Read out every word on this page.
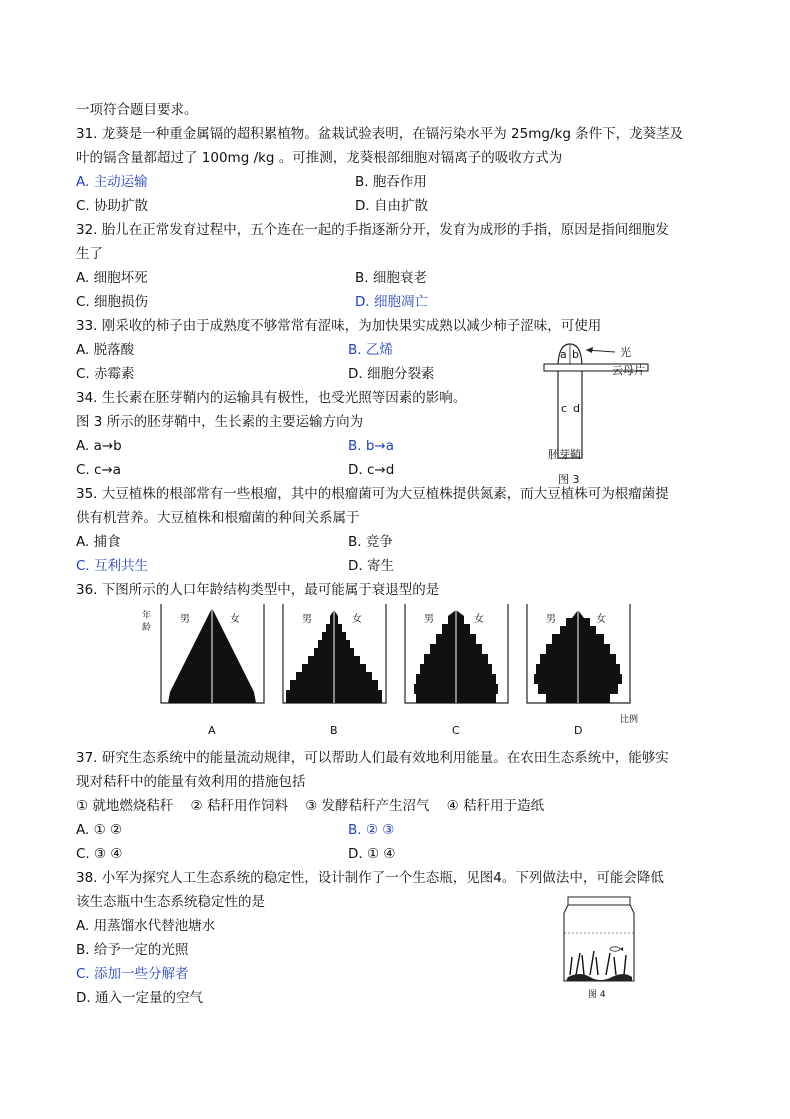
一项符合题目要求。
31. 龙葵是一种重金属镉的超积累植物。盆栽试验表明，在镉污染水平为 25mg/kg 条件下，龙葵茎及
叶的镉含量都超过了 100mg /kg 。可推测，龙葵根部细胞对镉离子的吸收方式为
A. 主动运输	B. 胞吞作用
C. 协助扩散	D. 自由扩散
32. 胎儿在正常发育过程中，五个连在一起的手指逐渐分开，发育为成形的手指，原因是指间细胞发
生了
A. 细胞坏死	B. 细胞衰老
C. 细胞损伤	D. 细胞凋亡
33. 刚采收的柿子由于成熟度不够常常有涩味，为加快果实成熟以减少柿子涩味，可使用
A. 脱落酸	B. 乙烯
C. 赤霉素	D. 细胞分裂素
34. 生长素在胚芽鞘内的运输具有极性，也受光照等因素的影响。
图 3 所示的胚芽鞘中，生长素的主要运输方向为
A. a→b	B. b→a
C. c→a	D. c→d
a b
c d
光
云母片
胚芽鞘
图 3
35. 大豆植株的根部常有一些根瘤，其中的根瘤菌可为大豆植株提供氮素，而大豆植株可为根瘤菌提
供有机营养。大豆植株和根瘤菌的种间关系属于
A. 捕食	B. 竞争
C. 互利共生	D. 寄生
36. 下图所示的人口年龄结构类型中，最可能属于衰退型的是
年龄
男	女	男	女	男	女	男	女
A	B	C	D
比例
37. 研究生态系统中的能量流动规律，可以帮助人们最有效地利用能量。在农田生态系统中，能够实
现对秸秆中的能量有效利用的措施包括
① 就地燃烧秸秆    ② 秸秆用作饲料    ③ 发酵秸秆产生沼气    ④ 秸秆用于造纸
A. ① ②	B. ② ③
C. ③ ④	D. ① ④
38. 小军为探究人工生态系统的稳定性，设计制作了一个生态瓶，见图4。下列做法中，可能会降低
该生态瓶中生态系统稳定性的是
A. 用蒸馏水代替池塘水
B. 给予一定的光照
C. 添加一些分解者
D. 通入一定量的空气	图 4
